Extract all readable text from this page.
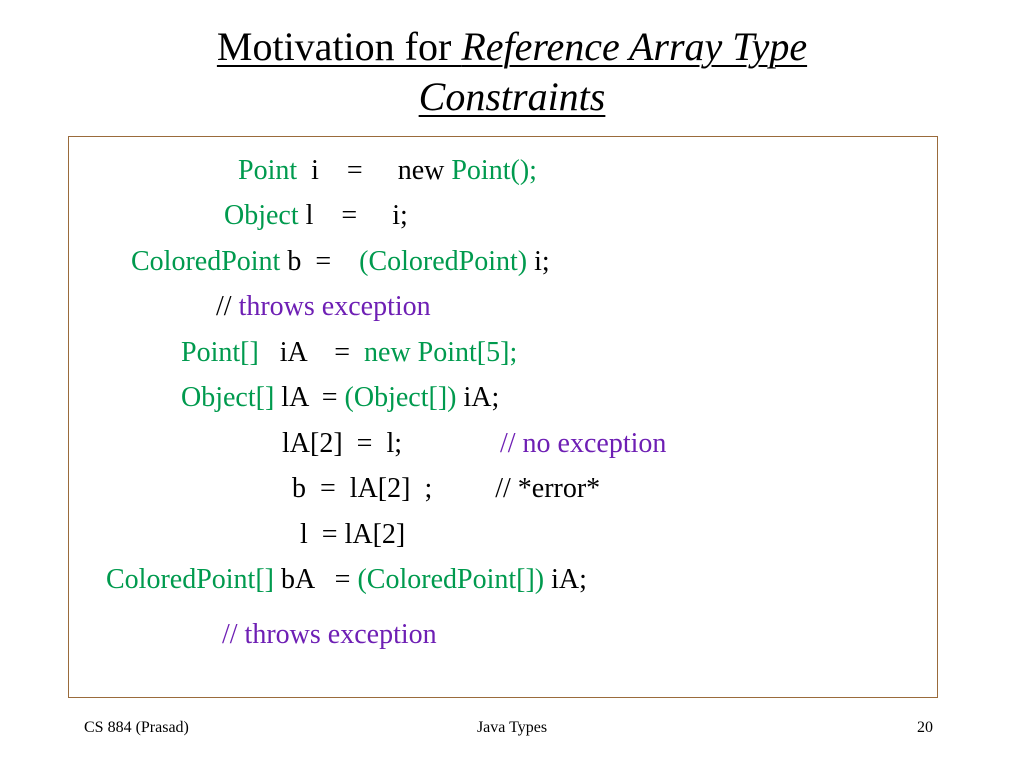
Motivation for Reference Array Type
Constraints
Point  i    =     new Point();
Object l    =     i;
ColoredPoint b  =    (ColoredPoint) i;
// throws exception
Point[]   iA    =  new Point[5];
Object[] lA  = (Object[]) iA;
lA[2]  =  l;              // no exception
b  =  lA[2]  ;         // *error*
l  = lA[2]
ColoredPoint[] bA   = (ColoredPoint[]) iA;
// throws exception
CS 884 (Prasad)	Java Types	20
